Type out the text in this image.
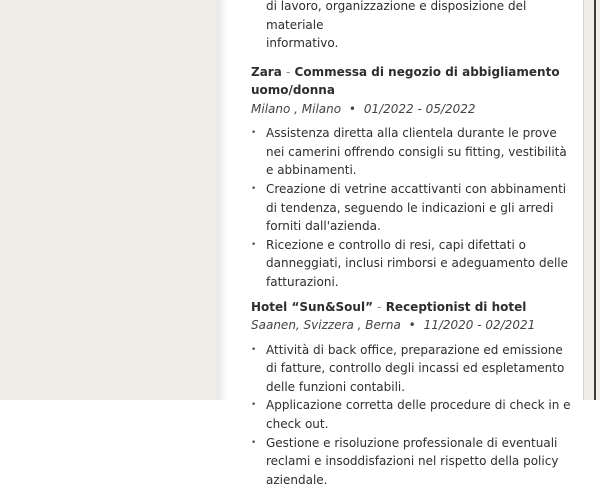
di lavoro, organizzazione e disposizione del materiale
informativo.

Zara - Commessa di negozio di abbigliamento uomo/donna

Milano , Milano • 01/2022 - 05/2022

• Assistenza diretta alla clientela durante le prove nei camerini offrendo consigli su fitting, vestibilità e abbinamenti.
• Creazione di vetrine accattivanti con abbinamenti di tendenza, seguendo le indicazioni e gli arredi forniti dall'azienda.
• Ricezione e controllo di resi, capi difettati o danneggiati, inclusi rimborsi e adeguamento delle fatturazioni.

Hotel “Sun&Soul” - Receptionist di hotel

Saanen, Svizzera , Berna • 11/2020 - 02/2021

• Attività di back office, preparazione ed emissione di fatture, controllo degli incassi ed espletamento delle funzioni contabili.
• Applicazione corretta delle procedure di check in e check out.
• Gestione e risoluzione professionale di eventuali reclami e insoddisfazioni nel rispetto della policy aziendale.
